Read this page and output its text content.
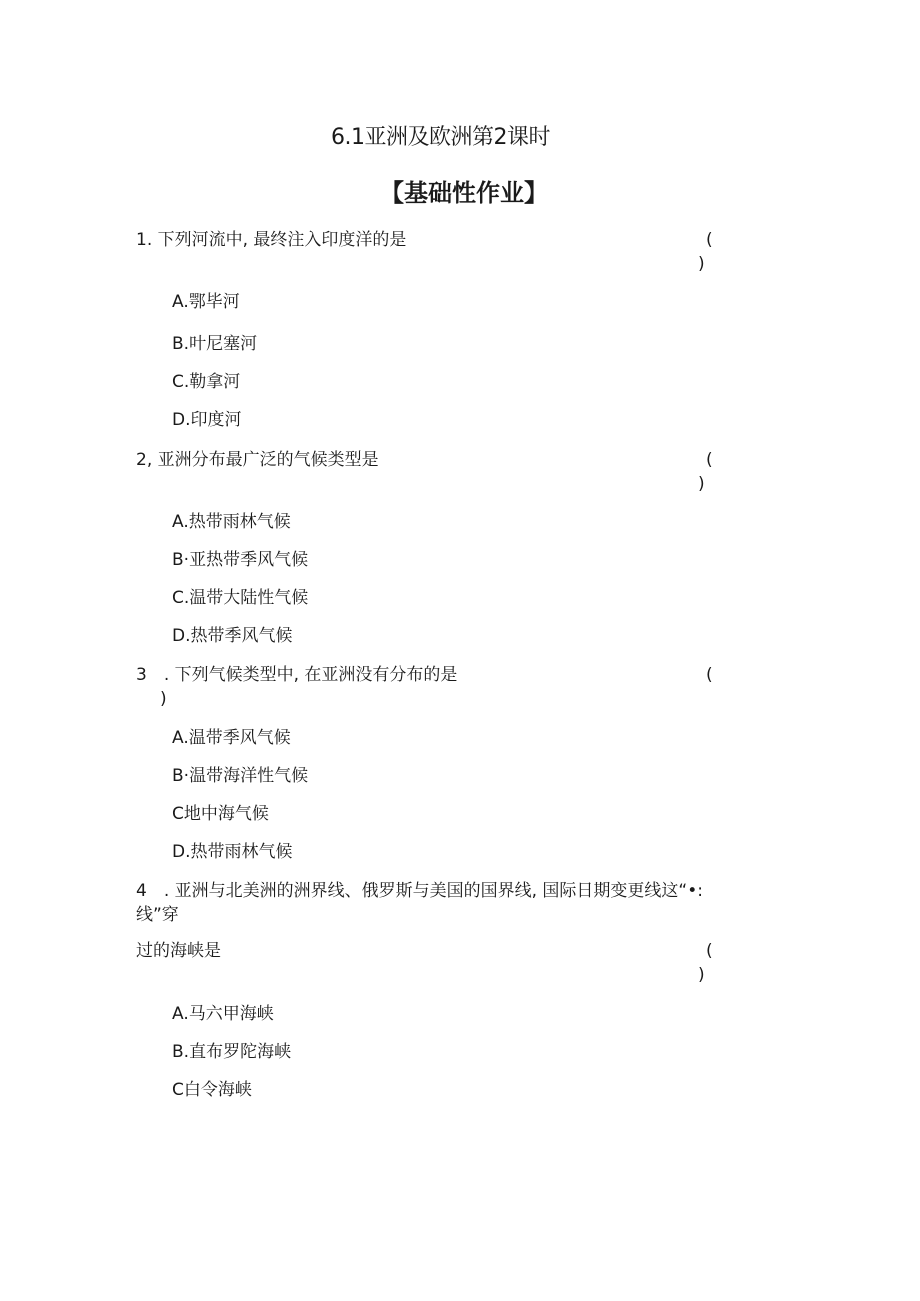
6.1亚洲及欧洲第2课时
【基础性作业】
1. 下列河流中, 最终注入印度洋的是	(
)
A.鄂毕河
B.叶尼塞河
C.勒拿河
D.印度河
2, 亚洲分布最广泛的气候类型是	(
)
A.热带雨林气候
B·亚热带季风气候
C.温带大陆性气候
D.热带季风气候
3　. 下列气候类型中, 在亚洲没有分布的是	(
)
A.温带季风气候
B·温带海洋性气候
C地中海气候
D.热带雨林气候
4　. 亚洲与北美洲的洲界线、俄罗斯与美国的国界线, 国际日期变更线这“•:
线”穿
过的海峡是	(
)
A.马六甲海峡
B.直布罗陀海峡
C白令海峡
